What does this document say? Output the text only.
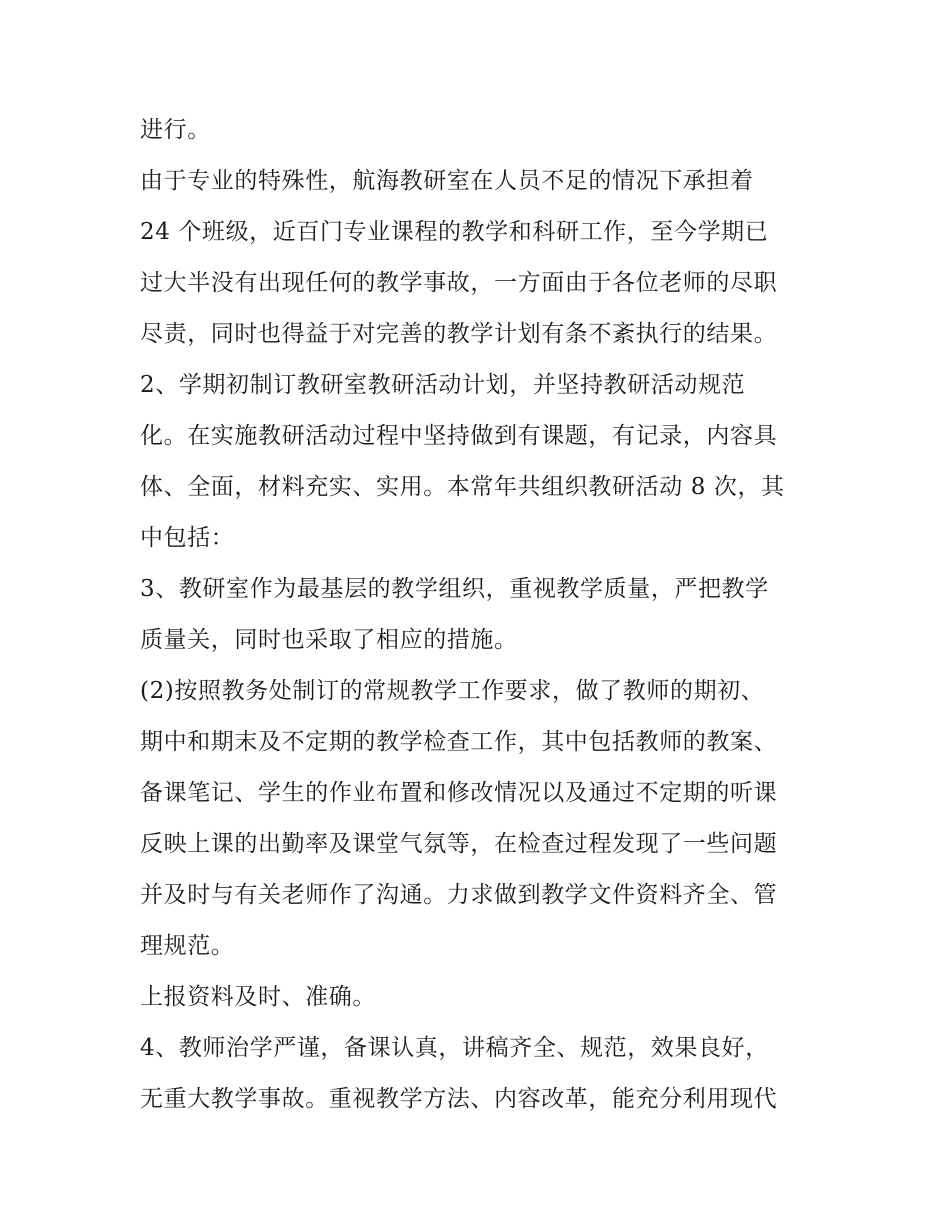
进行。
由于专业的特殊性，航海教研室在人员不足的情况下承担着
24 个班级，近百门专业课程的教学和科研工作，至今学期已
过大半没有出现任何的教学事故，一方面由于各位老师的尽职
尽责，同时也得益于对完善的教学计划有条不紊执行的结果。
2、学期初制订教研室教研活动计划，并坚持教研活动规范
化。在实施教研活动过程中坚持做到有课题，有记录，内容具
体、全面，材料充实、实用。本常年共组织教研活动 8 次，其
中包括：
3、教研室作为最基层的教学组织，重视教学质量，严把教学
质量关，同时也采取了相应的措施。
(2)按照教务处制订的常规教学工作要求，做了教师的期初、
期中和期末及不定期的教学检查工作，其中包括教师的教案、
备课笔记、学生的作业布置和修改情况以及通过不定期的听课
反映上课的出勤率及课堂气氛等，在检查过程发现了一些问题
并及时与有关老师作了沟通。力求做到教学文件资料齐全、管
理规范。
上报资料及时、准确。
4、教师治学严谨，备课认真，讲稿齐全、规范，效果良好，
无重大教学事故。重视教学方法、内容改革，能充分利用现代
